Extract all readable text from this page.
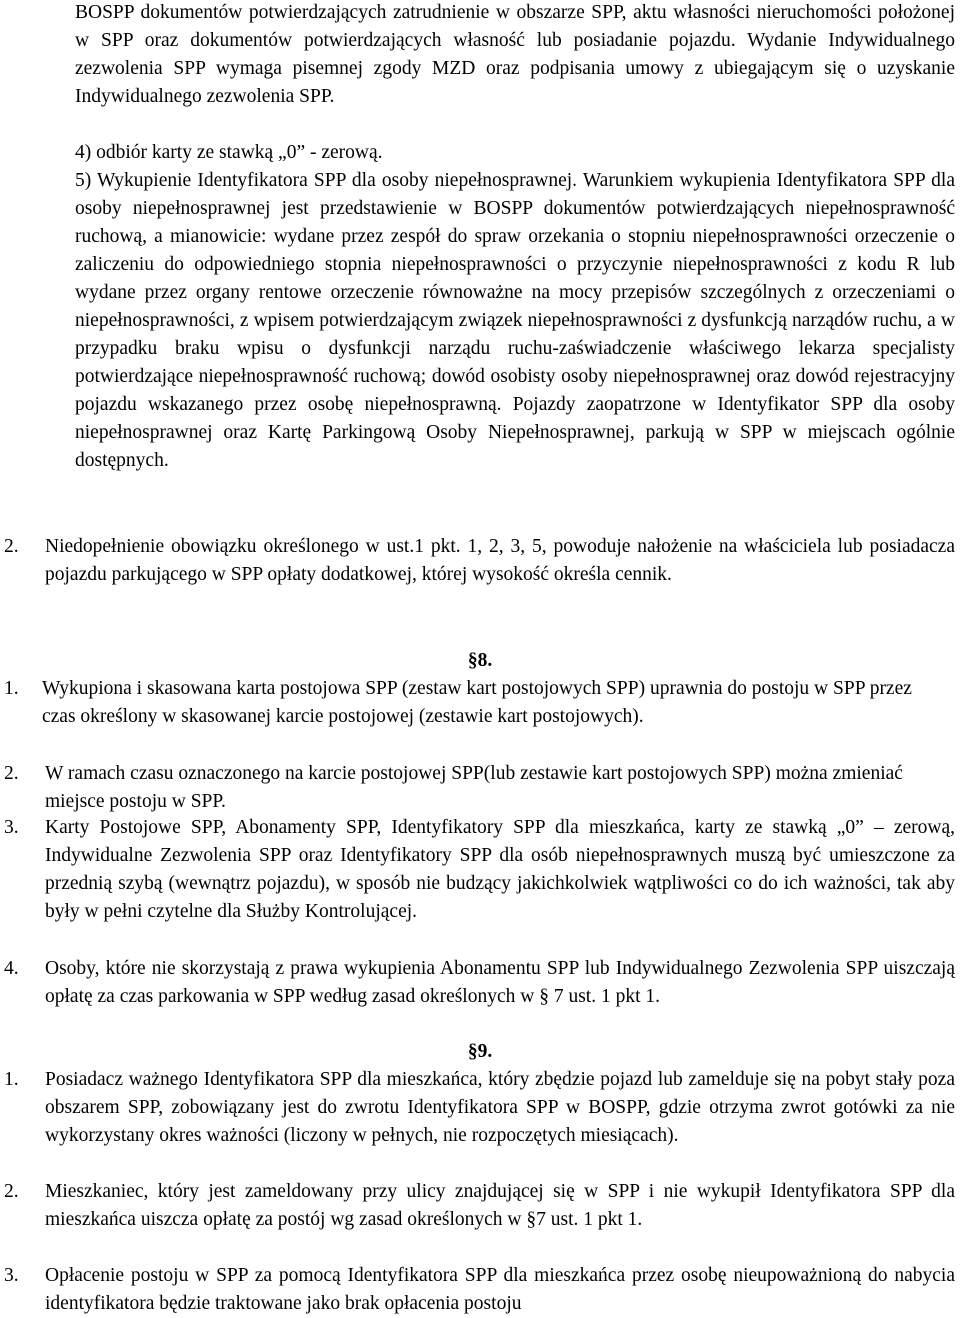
BOSPP dokumentów potwierdzających zatrudnienie w obszarze SPP, aktu własności nieruchomości położonej w SPP oraz dokumentów potwierdzających własność lub posiadanie pojazdu. Wydanie Indywidualnego zezwolenia SPP wymaga pisemnej zgody MZD oraz podpisania umowy z ubiegającym się o uzyskanie Indywidualnego zezwolenia SPP.

4) odbiór karty ze stawką „0” - zerową.

5) Wykupienie Identyfikatora SPP dla osoby niepełnosprawnej. Warunkiem wykupienia Identyfikatora SPP dla osoby niepełnosprawnej jest przedstawienie w BOSPP dokumentów potwierdzających niepełnosprawność ruchową, a mianowicie: wydane przez zespół do spraw orzekania o stopniu niepełnosprawności orzeczenie o zaliczeniu do odpowiedniego stopnia niepełnosprawności o przyczynie niepełnosprawności z kodu R lub wydane przez organy rentowe orzeczenie równoważne na mocy przepisów szczególnych z orzeczeniami o niepełnosprawności, z wpisem potwierdzającym związek niepełnosprawności z dysfunkcją narządów ruchu, a w przypadku braku wpisu o dysfunkcji narządu ruchu-zaświadczenie właściwego lekarza specjalisty potwierdzające niepełnosprawność ruchową; dowód osobisty osoby niepełnosprawnej oraz dowód rejestracyjny pojazdu wskazanego przez osobę niepełnosprawną. Pojazdy zaopatrzone w Identyfikator SPP dla osoby niepełnosprawnej oraz Kartę Parkingową Osoby Niepełnosprawnej, parkują w SPP w miejscach ogólnie dostępnych.

2. Niedopełnienie obowiązku określonego w ust.1 pkt. 1, 2, 3, 5, powoduje nałożenie na właściciela lub posiadacza pojazdu parkującego w SPP opłaty dodatkowej, której wysokość określa cennik.

§8.
1. Wykupiona i skasowana karta postojowa SPP (zestaw kart postojowych SPP) uprawnia do postoju w SPP przez czas określony w skasowanej karcie postojowej (zestawie kart postojowych).

2. W ramach czasu oznaczonego na karcie postojowej SPP(lub zestawie kart postojowych SPP) można zmieniać miejsce postoju w SPP.

3. Karty Postojowe SPP, Abonamenty SPP, Identyfikatory SPP dla mieszkańca, karty ze stawką „0” – zerową, Indywidualne Zezwolenia SPP oraz Identyfikatory SPP dla osób niepełnosprawnych muszą być umieszczone za przednią szybą (wewnątrz pojazdu), w sposób nie budzący jakichkolwiek wątpliwości co do ich ważności, tak aby były w pełni czytelne dla Służby Kontrolującej.

4. Osoby, które nie skorzystają z prawa wykupienia Abonamentu SPP lub Indywidualnego Zezwolenia SPP uiszczają opłatę za czas parkowania w SPP według zasad określonych w § 7 ust. 1 pkt 1.

§9.
1. Posiadacz ważnego Identyfikatora SPP dla mieszkańca, który zbędzie pojazd lub zamelduje się na pobyt stały poza obszarem SPP, zobowiązany jest do zwrotu Identyfikatora SPP w BOSPP, gdzie otrzyma zwrot gotówki za nie wykorzystany okres ważności (liczony w pełnych, nie rozpoczętych miesiącach).

2. Mieszkaniec, który jest zameldowany przy ulicy znajdującej się w SPP i nie wykupił Identyfikatora SPP dla mieszkańca uiszcza opłatę za postój wg zasad określonych w §7 ust. 1 pkt 1.

3. Opłacenie postoju w SPP za pomocą Identyfikatora SPP dla mieszkańca przez osobę nieupoważnioną do nabycia identyfikatora będzie traktowane jako brak opłacenia postoju
